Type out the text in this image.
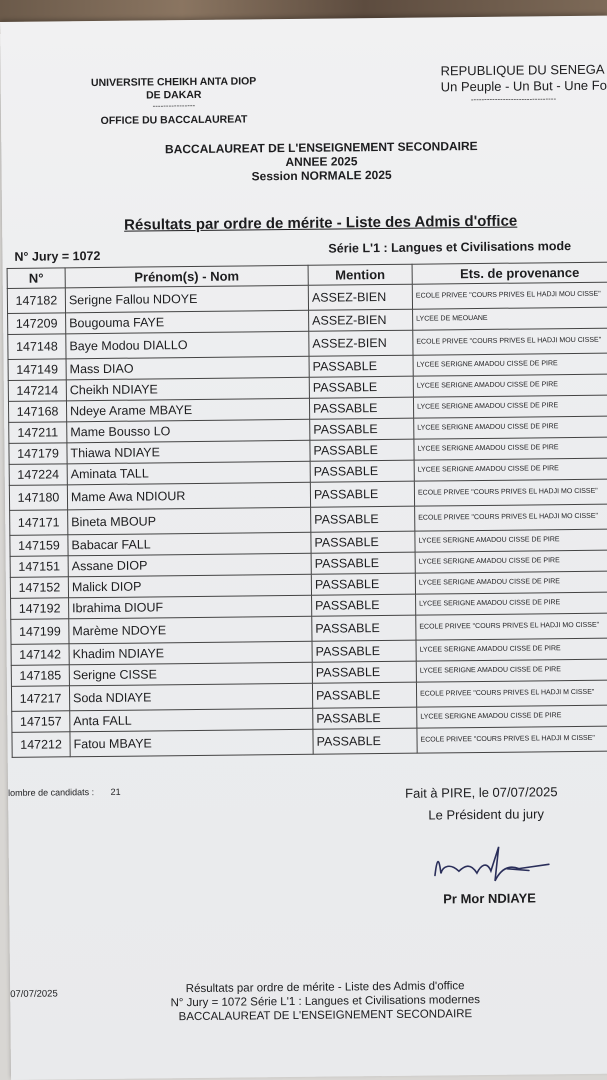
UNIVERSITE CHEIKH ANTA DIOP
DE DAKAR
----------------
OFFICE DU BACCALAUREAT
REPUBLIQUE DU SENEGA
Un Peuple - Un But - Une Fo
--------------------------------
BACCALAUREAT DE L'ENSEIGNEMENT SECONDAIRE
ANNEE 2025
Session NORMALE 2025
Résultats par ordre de mérite - Liste des Admis d'office
N° Jury = 1072
Série L'1 : Langues et Civilisations mode
N°	Prénom(s) - Nom	Mention	Ets. de provenance
147182	Serigne Fallou NDOYE	ASSEZ-BIEN	ECOLE PRIVEE "COURS PRIVES EL HADJI MOU CISSE"
147209	Bougouma FAYE	ASSEZ-BIEN	LYCEE DE MEOUANE
147148	Baye Modou DIALLO	ASSEZ-BIEN	ECOLE PRIVEE "COURS PRIVES EL HADJI MOU CISSE"
147149	Mass DIAO	PASSABLE	LYCEE SERIGNE AMADOU CISSE DE PIRE
147214	Cheikh NDIAYE	PASSABLE	LYCEE SERIGNE AMADOU CISSE DE PIRE
147168	Ndeye Arame MBAYE	PASSABLE	LYCEE SERIGNE AMADOU CISSE DE PIRE
147211	Mame Bousso LO	PASSABLE	LYCEE SERIGNE AMADOU CISSE DE PIRE
147179	Thiawa NDIAYE	PASSABLE	LYCEE SERIGNE AMADOU CISSE DE PIRE
147224	Aminata TALL	PASSABLE	LYCEE SERIGNE AMADOU CISSE DE PIRE
147180	Mame Awa NDIOUR	PASSABLE	ECOLE PRIVEE "COURS PRIVES EL HADJI MO CISSE"
147171	Bineta MBOUP	PASSABLE	ECOLE PRIVEE "COURS PRIVES EL HADJI MO CISSE"
147159	Babacar FALL	PASSABLE	LYCEE SERIGNE AMADOU CISSE DE PIRE
147151	Assane DIOP	PASSABLE	LYCEE SERIGNE AMADOU CISSE DE PIRE
147152	Malick DIOP	PASSABLE	LYCEE SERIGNE AMADOU CISSE DE PIRE
147192	Ibrahima DIOUF	PASSABLE	LYCEE SERIGNE AMADOU CISSE DE PIRE
147199	Marème NDOYE	PASSABLE	ECOLE PRIVEE "COURS PRIVES EL HADJI MO CISSE"
147142	Khadim NDIAYE	PASSABLE	LYCEE SERIGNE AMADOU CISSE DE PIRE
147185	Serigne CISSE	PASSABLE	LYCEE SERIGNE AMADOU CISSE DE PIRE
147217	Soda NDIAYE	PASSABLE	ECOLE PRIVEE "COURS PRIVES EL HADJI M CISSE"
147157	Anta FALL	PASSABLE	LYCEE SERIGNE AMADOU CISSE DE PIRE
147212	Fatou MBAYE	PASSABLE	ECOLE PRIVEE "COURS PRIVES EL HADJI M CISSE"
lombre de candidats : 21	Fait à PIRE, le 07/07/2025
Le Président du jury
Pr Mor NDIAYE
07/07/2025	Résultats par ordre de mérite - Liste des Admis d'office
N° Jury = 1072 Série L'1 : Langues et Civilisations modernes
BACCALAUREAT DE L'ENSEIGNEMENT SECONDAIRE
